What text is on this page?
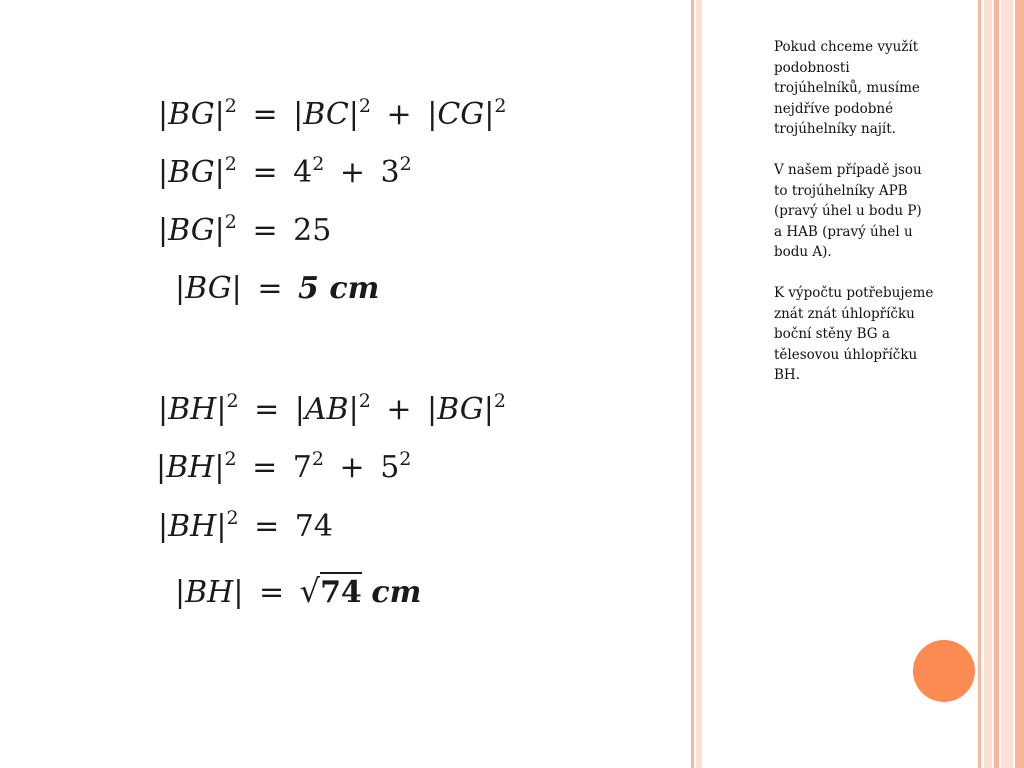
$|BG|^2 = |BC|^2 + |CG|^2$
$|BG|^2 = 4^2 + 3^2$
$|BG|^2 = 25$
|BG| = 5 cm
$|BH|^2 = |AB|^2 + |BG|^2$
$|BH|^2 = 7^2 + 5^2$
$|BH|^2 = 74$
|BH| = √74 cm

Pokud chceme využít podobnosti trojúhelníků, musíme nejdříve podobné trojúhelníky najít.

V našem případě jsou to trojúhelníky APB (pravý úhel u bodu P) a HAB (pravý úhel u bodu A).

K výpočtu potřebujeme znát znát úhlopříčku boční stěny BG a tělesovou úhlopříčku BH.
